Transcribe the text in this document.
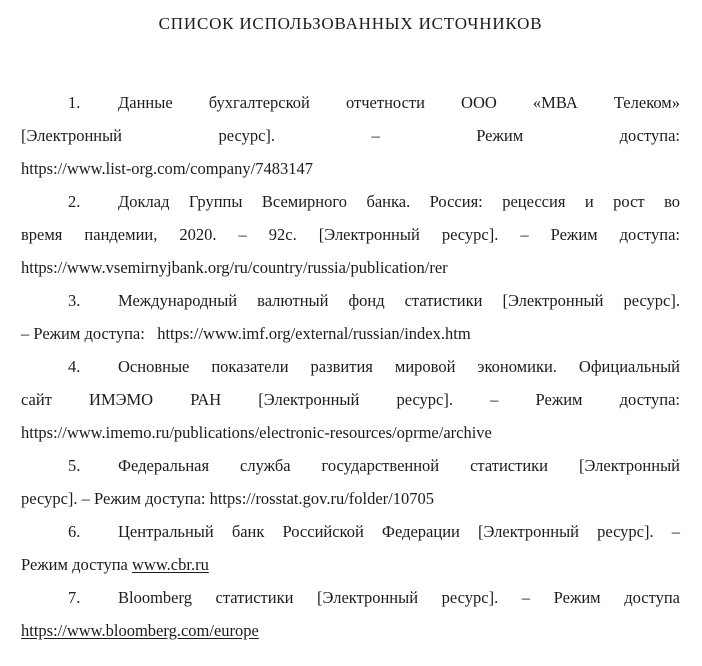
СПИСОК ИСПОЛЬЗОВАННЫХ ИСТОЧНИКОВ
1. Данные бухгалтерской отчетности ООО «МВА Телеком»
[Электронный ресурс]. – Режим доступа:
https://www.list-org.com/company/7483147
2. Доклад Группы Всемирного банка. Россия: рецессия и рост во
время пандемии, 2020. – 92с. [Электронный ресурс]. – Режим доступа:
https://www.vsemirnyjbank.org/ru/country/russia/publication/rer
3. Международный валютный фонд статистики [Электронный ресурс].
– Режим доступа:   https://www.imf.org/external/russian/index.htm
4. Основные показатели развития мировой экономики. Официальный
сайт ИМЭМО РАН [Электронный ресурс]. – Режим доступа:
https://www.imemo.ru/publications/electronic-resources/oprme/archive
5. Федеральная служба государственной статистики [Электронный
ресурс]. – Режим доступа: https://rosstat.gov.ru/folder/10705
6. Центральный банк Российской Федерации [Электронный ресурс]. –
Режим доступа www.cbr.ru
7. Bloomberg статистики [Электронный ресурс]. – Режим доступа
https://www.bloomberg.com/europe
